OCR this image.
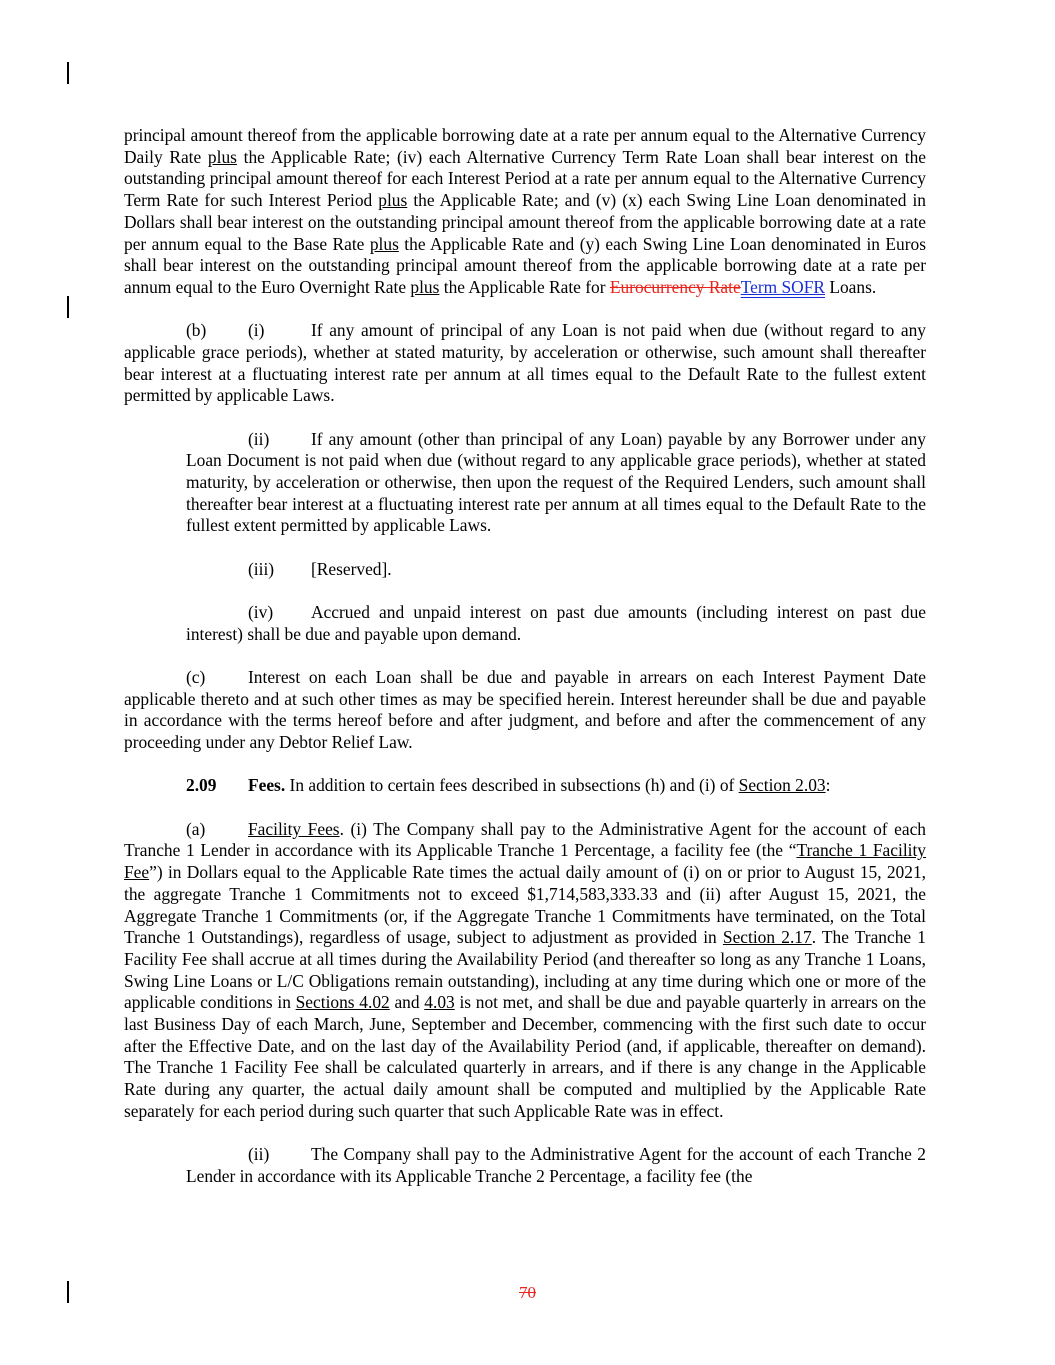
principal amount thereof from the applicable borrowing date at a rate per annum equal to the Alternative Currency Daily Rate plus the Applicable Rate; (iv) each Alternative Currency Term Rate Loan shall bear interest on the outstanding principal amount thereof for each Interest Period at a rate per annum equal to the Alternative Currency Term Rate for such Interest Period plus the Applicable Rate; and (v) (x) each Swing Line Loan denominated in Dollars shall bear interest on the outstanding principal amount thereof from the applicable borrowing date at a rate per annum equal to the Base Rate plus the Applicable Rate and (y) each Swing Line Loan denominated in Euros shall bear interest on the outstanding principal amount thereof from the applicable borrowing date at a rate per annum equal to the Euro Overnight Rate plus the Applicable Rate for Eurocurrency RateTerm SOFR Loans.

(b) (i)	If any amount of principal of any Loan is not paid when due (without regard to any applicable grace periods), whether at stated maturity, by acceleration or otherwise, such amount shall thereafter bear interest at a fluctuating interest rate per annum at all times equal to the Default Rate to the fullest extent permitted by applicable Laws.

(ii) If any amount (other than principal of any Loan) payable by any Borrower under any Loan Document is not paid when due (without regard to any applicable grace periods), whether at stated maturity, by acceleration or otherwise, then upon the request of the Required Lenders, such amount shall thereafter bear interest at a fluctuating interest rate per annum at all times equal to the Default Rate to the fullest extent permitted by applicable Laws.

(iii) [Reserved].

(iv) Accrued and unpaid interest on past due amounts (including interest on past due interest) shall be due and payable upon demand.

(c) Interest on each Loan shall be due and payable in arrears on each Interest Payment Date applicable thereto and at such other times as may be specified herein. Interest hereunder shall be due and payable in accordance with the terms hereof before and after judgment, and before and after the commencement of any proceeding under any Debtor Relief Law.

2.09 Fees. In addition to certain fees described in subsections (h) and (i) of Section 2.03:

(a) Facility Fees. (i) The Company shall pay to the Administrative Agent for the account of each Tranche 1 Lender in accordance with its Applicable Tranche 1 Percentage, a facility fee (the “Tranche 1 Facility Fee”) in Dollars equal to the Applicable Rate times the actual daily amount of (i) on or prior to August 15, 2021, the aggregate Tranche 1 Commitments not to exceed $1,714,583,333.33 and (ii) after August 15, 2021, the Aggregate Tranche 1 Commitments (or, if the Aggregate Tranche 1 Commitments have terminated, on the Total Tranche 1 Outstandings), regardless of usage, subject to adjustment as provided in Section 2.17. The Tranche 1 Facility Fee shall accrue at all times during the Availability Period (and thereafter so long as any Tranche 1 Loans, Swing Line Loans or L/C Obligations remain outstanding), including at any time during which one or more of the applicable conditions in Sections 4.02 and 4.03 is not met, and shall be due and payable quarterly in arrears on the last Business Day of each March, June, September and December, commencing with the first such date to occur after the Effective Date, and on the last day of the Availability Period (and, if applicable, thereafter on demand). The Tranche 1 Facility Fee shall be calculated quarterly in arrears, and if there is any change in the Applicable Rate during any quarter, the actual daily amount shall be computed and multiplied by the Applicable Rate separately for each period during such quarter that such Applicable Rate was in effect.

(ii) The Company shall pay to the Administrative Agent for the account of each Tranche 2 Lender in accordance with its Applicable Tranche 2 Percentage, a facility fee (the

70
